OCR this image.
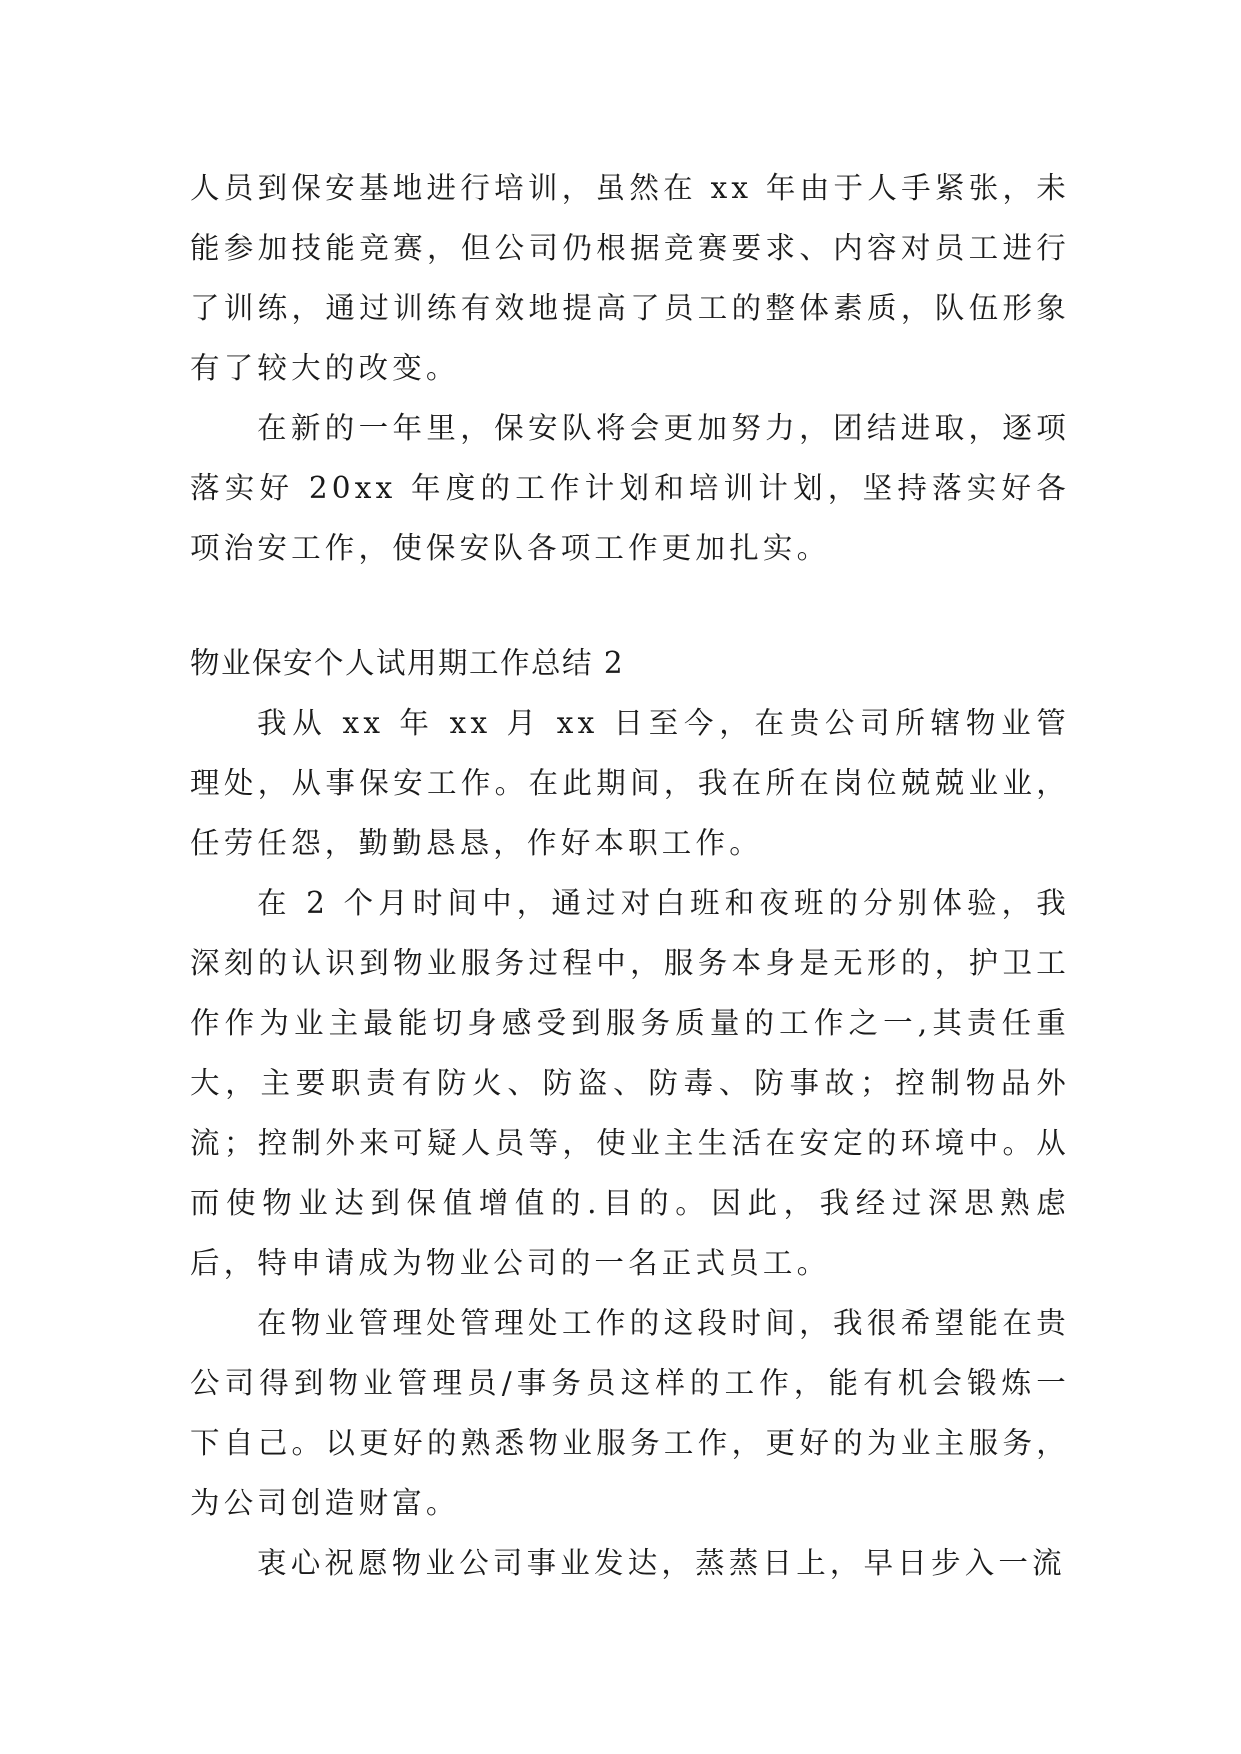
人员到保安基地进行培训，虽然在 xx 年由于人手紧张，未能参加技能竞赛，但公司仍根据竞赛要求、内容对员工进行了训练，通过训练有效地提高了员工的整体素质，队伍形象有了较大的改变。

在新的一年里，保安队将会更加努力，团结进取，逐项落实好 20xx 年度的工作计划和培训计划，坚持落实好各项治安工作，使保安队各项工作更加扎实。

物业保安个人试用期工作总结 2

我从 xx 年 xx 月 xx 日至今，在贵公司所辖物业管理处，从事保安工作。在此期间，我在所在岗位兢兢业业，任劳任怨，勤勤恳恳，作好本职工作。

在 2 个月时间中，通过对白班和夜班的分别体验，我深刻的认识到物业服务过程中，服务本身是无形的，护卫工作作为业主最能切身感受到服务质量的工作之一,其责任重大，主要职责有防火、防盗、防毒、防事故；控制物品外流；控制外来可疑人员等，使业主生活在安定的环境中。从而使物业达到保值增值的.目的。因此，我经过深思熟虑后，特申请成为物业公司的一名正式员工。

在物业管理处管理处工作的这段时间，我很希望能在贵公司得到物业管理员/事务员这样的工作，能有机会锻炼一下自己。以更好的熟悉物业服务工作，更好的为业主服务，为公司创造财富。

衷心祝愿物业公司事业发达，蒸蒸日上，早日步入一流
